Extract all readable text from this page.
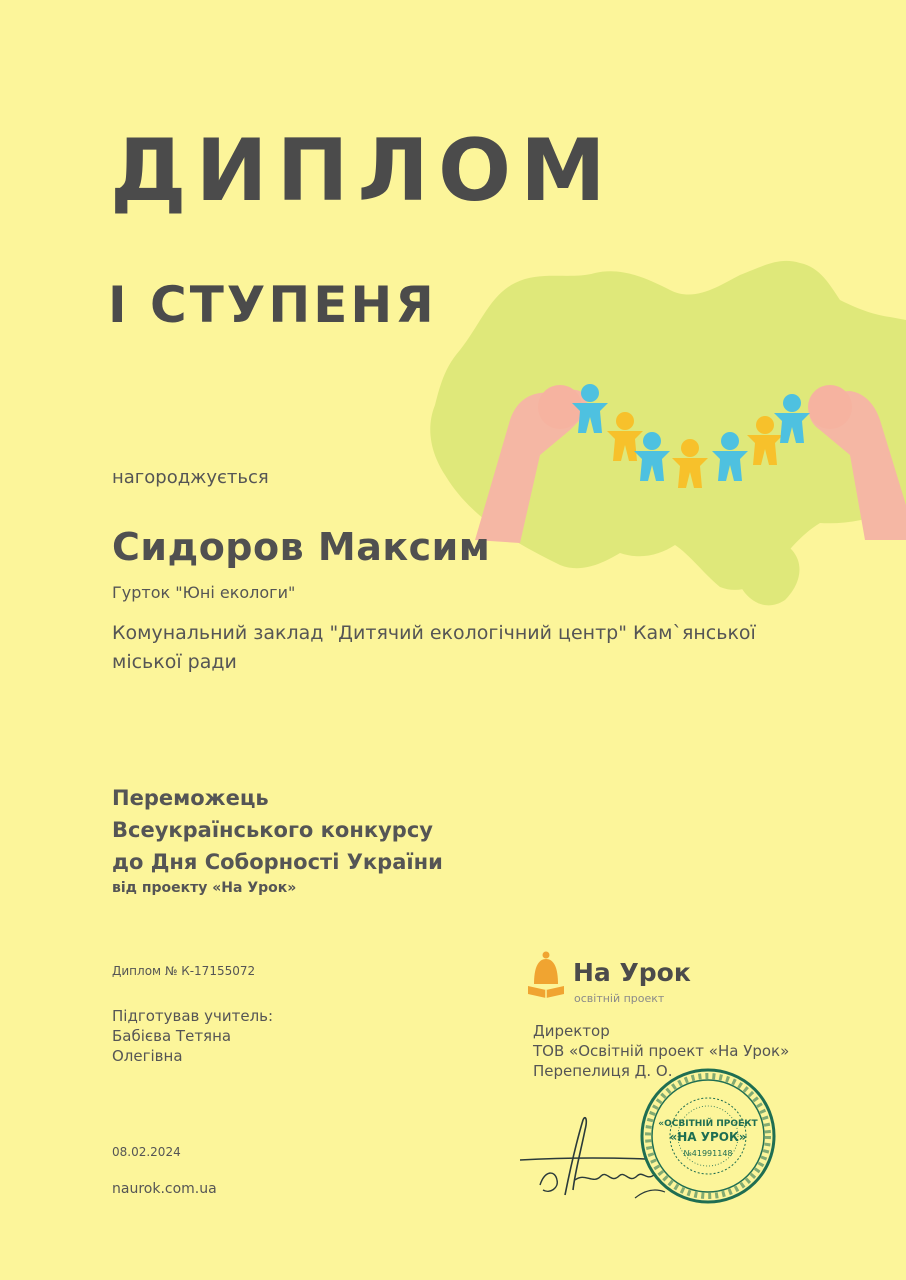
ДИПЛОМ
І СТУПЕНЯ
нагороджується
Сидоров Максим
Гурток "Юні екологи"
Комунальний заклад "Дитячий екологічний центр" Кам`янської міської ради
Переможець
Всеукраїнського конкурсу
до Дня Соборності України
від проекту «На Урок»
Диплом № К-17155072
Підготував учитель:
Бабієва Тетяна
Олегівна
08.02.2024
naurok.com.ua
На Урок
освітній проект
Директор
ТОВ «Освітній проект «На Урок»
Перепелиця Д. О.
«ОСВІТНІЙ ПРОЕКТ
«НА УРОК»
№41991148
